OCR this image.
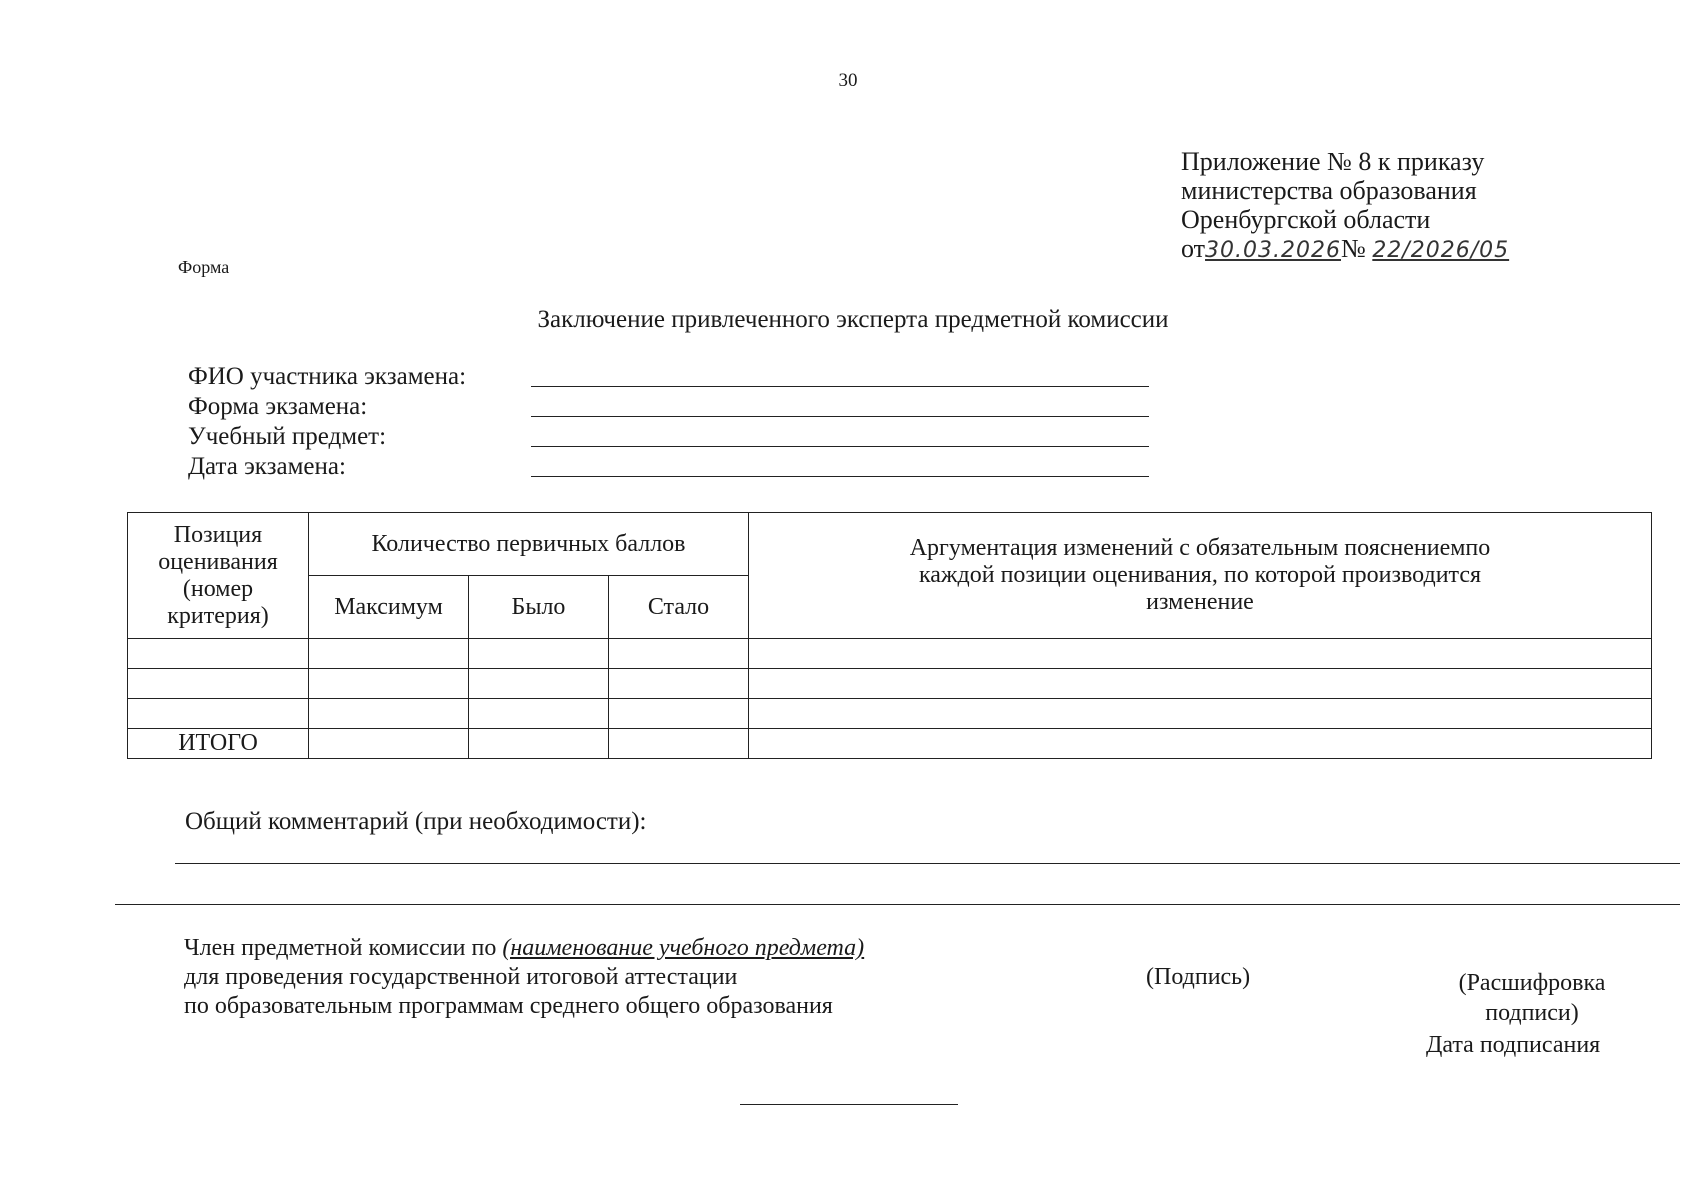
30
Приложение № 8 к приказу
министерства образования
Оренбургской области
от30.03.2026№ 22/2026/05
Форма
Заключение привлеченного эксперта предметной комиссии
ФИО участника экзамена:
Форма экзамена:
Учебный предмет:
Дата экзамена:
Позиция оценивания (номер критерия)	Количество первичных баллов			Аргументация изменений с обязательным пояснениемпо каждой позиции оценивания, по которой производится изменение
	Максимум	Было	Стало	

ИТОГО				
Общий комментарий (при необходимости):
Член предметной комиссии по (наименование учебного предмета)
для проведения государственной итоговой аттестации
по образовательным программам среднего общего образования
(Подпись)	(Расшифровка подписи)
Дата подписания
